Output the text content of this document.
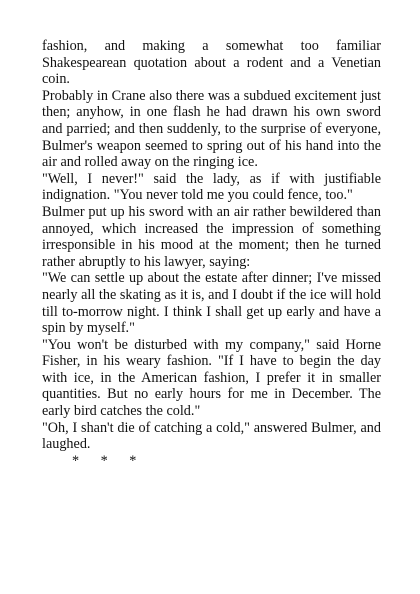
fashion, and making a somewhat too familiar Shakespearean quotation about a rodent and a Venetian coin.

Probably in Crane also there was a subdued excitement just then; anyhow, in one flash he had drawn his own sword and parried; and then suddenly, to the surprise of everyone, Bulmer's weapon seemed to spring out of his hand into the air and rolled away on the ringing ice.

"Well, I never!" said the lady, as if with justifiable indignation. "You never told me you could fence, too."

Bulmer put up his sword with an air rather bewildered than annoyed, which increased the impression of something irresponsible in his mood at the moment; then he turned rather abruptly to his lawyer, saying:

"We can settle up about the estate after dinner; I've missed nearly all the skating as it is, and I doubt if the ice will hold till to-morrow night. I think I shall get up early and have a spin by myself."

"You won't be disturbed with my company," said Horne Fisher, in his weary fashion. "If I have to begin the day with ice, in the American fashion, I prefer it in smaller quantities. But no early hours for me in December. The early bird catches the cold."

"Oh, I shan't die of catching a cold," answered Bulmer, and laughed.

* * *
